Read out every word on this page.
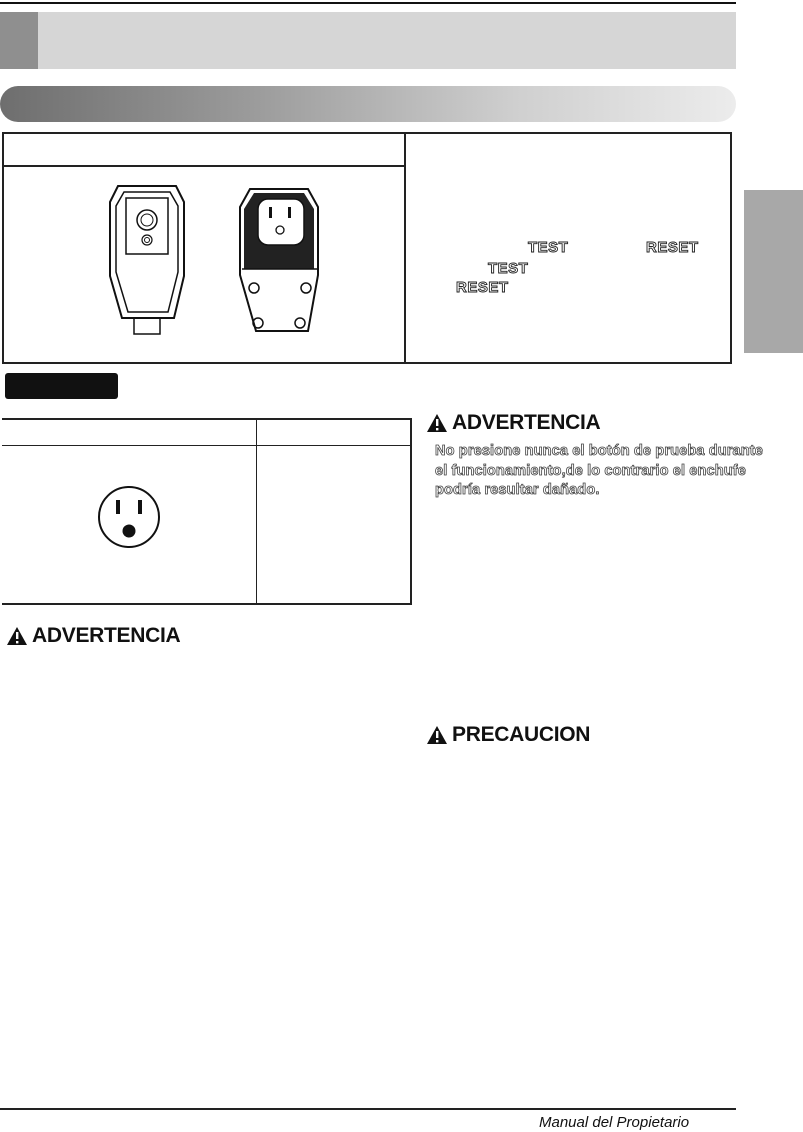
TEST	RESET
TEST
RESET
ADVERTENCIA
No presione nunca el botón de prueba durante el funcionamiento,de lo contrario el enchufe podría resultar dañado.
ADVERTENCIA
PRECAUCION
Manual del Propietario
